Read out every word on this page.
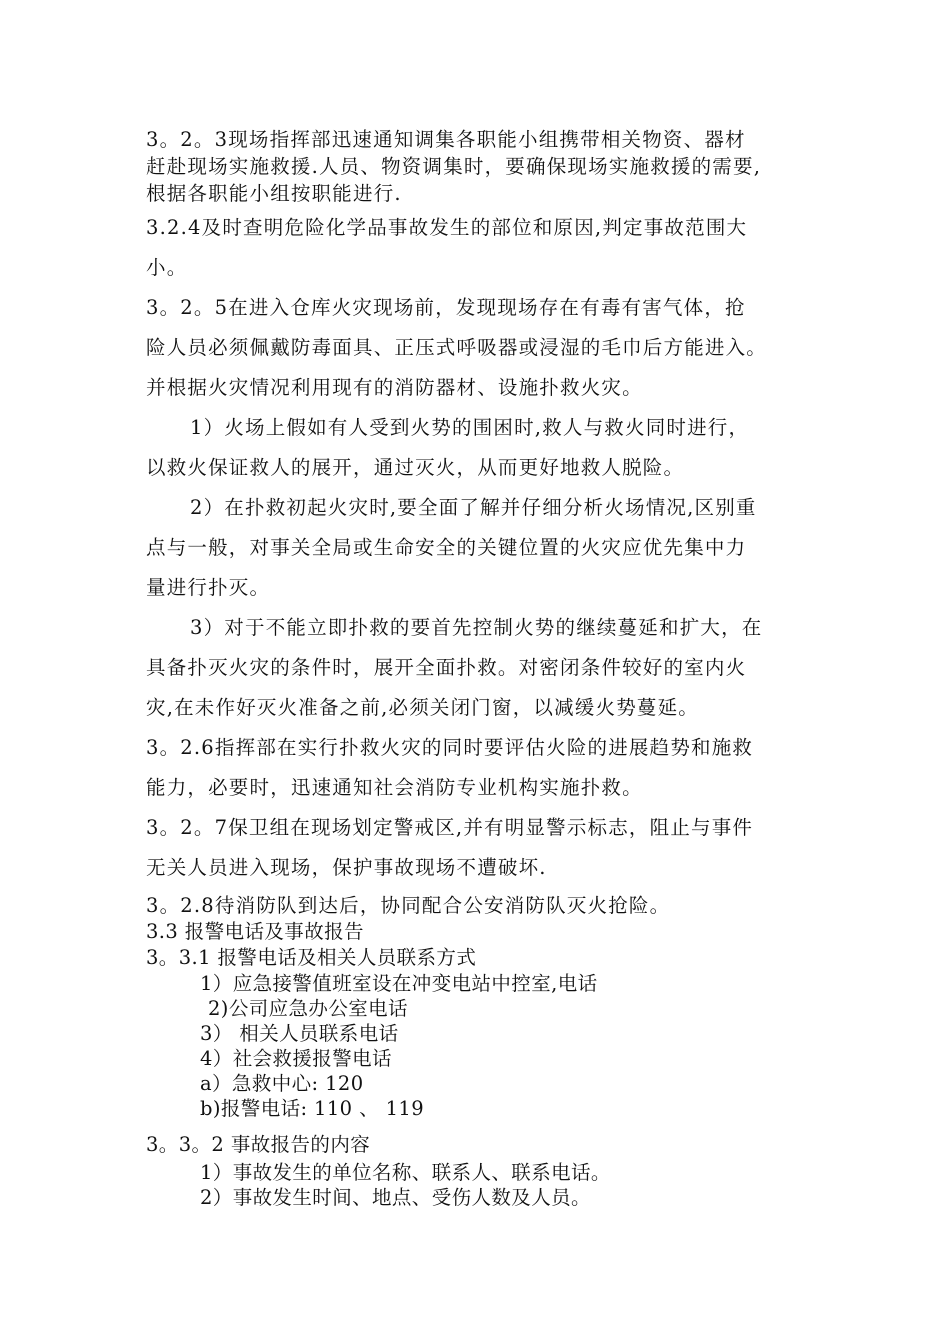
3。2。3现场指挥部迅速通知调集各职能小组携带相关物资、器材

赶赴现场实施救援.人员、物资调集时，要确保现场实施救援的需要,

根据各职能小组按职能进行.

3.2.4及时查明危险化学品事故发生的部位和原因,判定事故范围大

小。

3。2。5在进入仓库火灾现场前，发现现场存在有毒有害气体，抢

险人员必须佩戴防毒面具、正压式呼吸器或浸湿的毛巾后方能进入。

并根据火灾情况利用现有的消防器材、设施扑救火灾。

1）火场上假如有人受到火势的围困时,救人与救火同时进行，

以救火保证救人的展开，通过灭火，从而更好地救人脱险。

2）在扑救初起火灾时,要全面了解并仔细分析火场情况,区别重

点与一般，对事关全局或生命安全的关键位置的火灾应优先集中力

量进行扑灭。

3）对于不能立即扑救的要首先控制火势的继续蔓延和扩大，在

具备扑灭火灾的条件时，展开全面扑救。对密闭条件较好的室内火

灾,在未作好灭火准备之前,必须关闭门窗，以减缓火势蔓延。

3。2.6指挥部在实行扑救火灾的同时要评估火险的进展趋势和施救

能力，必要时，迅速通知社会消防专业机构实施扑救。

3。2。7保卫组在现场划定警戒区,并有明显警示标志，阻止与事件

无关人员进入现场，保护事故现场不遭破坏.

3。2.8待消防队到达后，协同配合公安消防队灭火抢险。

3.3 报警电话及事故报告

3。3.1 报警电话及相关人员联系方式

1）应急接警值班室设在冲变电站中控室,电话

2)公司应急办公室电话

3） 相关人员联系电话

4）社会救援报警电话

a）急救中心: 120

b)报警电话: 110 、 119

3。3。2 事故报告的内容

1）事故发生的单位名称、联系人、联系电话。

2）事故发生时间、地点、受伤人数及人员。
